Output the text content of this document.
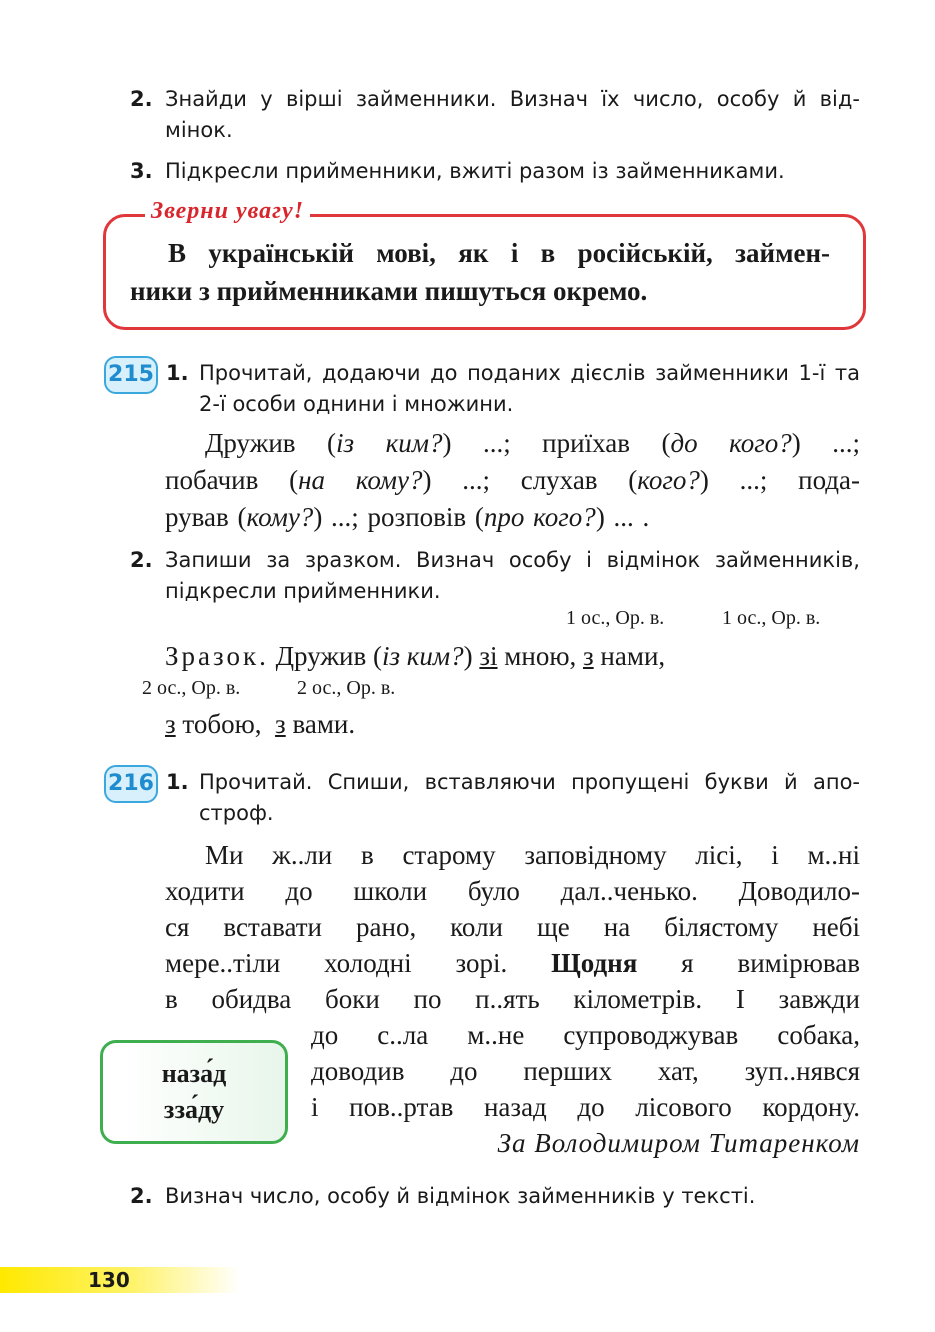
2. Знайди у вірші займенники. Визнач їх число, особу й від-
мінок.
3. Підкресли прийменники, вжиті разом із займенниками.
Зверни увагу!
В українській мові, як і в російській, займен-
ники з прийменниками пишуться окремо.
215 1. Прочитай, додаючи до поданих дієслів займенники 1-ї та
2-ї особи однини і множини.
Дружив (із ким?) ...; приїхав (до кого?) ...;
побачив (на кому?) ...; слухав (кого?) ...; пода-
рував (кому?) ...; розповів (про кого?) ... .
2. Запиши за зразком. Визнач особу і відмінок займенників,
підкресли прийменники.
1 ос., Ор. в.	1 ос., Ор. в.
Зразок. Дружив (із ким?) зі мною, з нами,
2 ос., Ор. в.	2 ос., Ор. в.
з тобою, з вами.
216 1. Прочитай. Спиши, вставляючи пропущені букви й апо-
строф.
Ми ж..ли в старому заповідному лісі, і м..ні
ходити до школи було дал..ченько. Доводило-
ся вставати рано, коли ще на білястому небі
мере..тіли холодні зорі. Щодня я вимірював
в обидва боки по п..ять кілометрів. І завжди
до с..ла м..не супроводжував собака,
доводив до перших хат, зуп..нявся
і пов..ртав назад до лісового кордону.
За Володимиром Титаренком
наза́д
зза́ду
2. Визнач число, особу й відмінок займенників у тексті.
130
